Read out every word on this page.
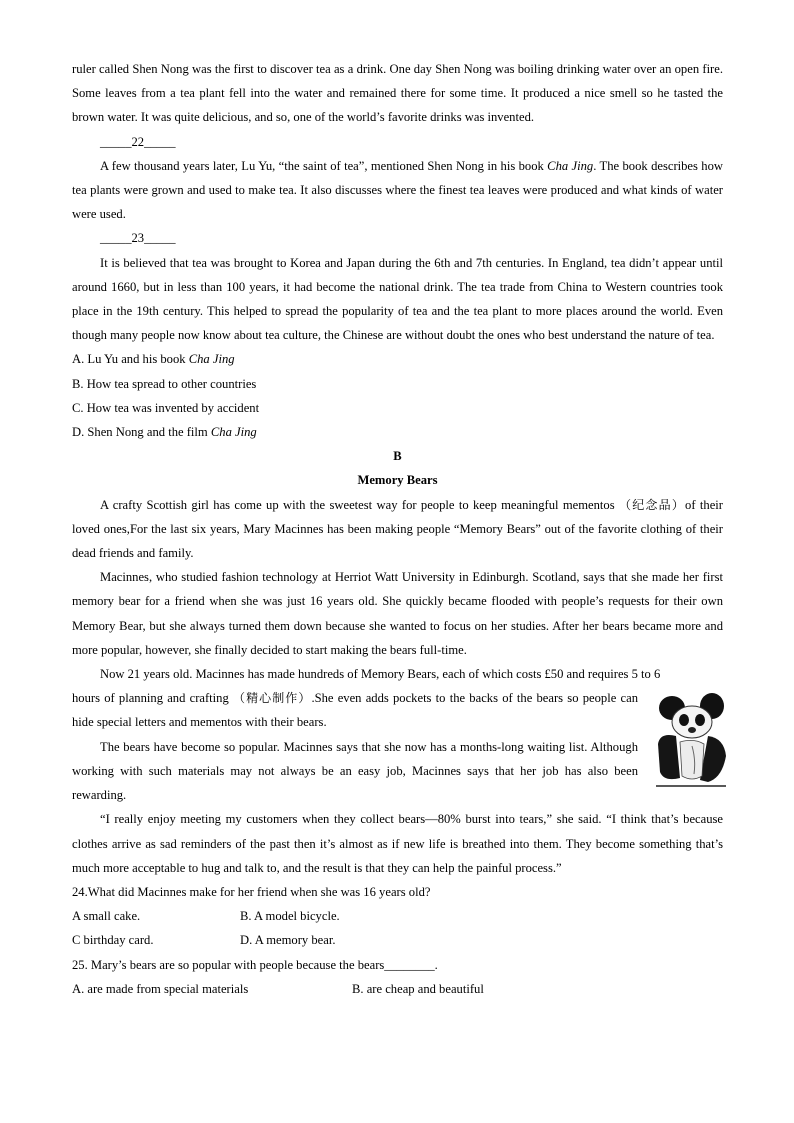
ruler called Shen Nong was the first to discover tea as a drink. One day Shen Nong was boiling drinking water over an open fire. Some leaves from a tea plant fell into the water and remained there for some time. It produced a nice smell so he tasted the brown water. It was quite delicious, and so, one of the world’s favorite drinks was invented.

_____22_____

A few thousand years later, Lu Yu, “the saint of tea”, mentioned Shen Nong in his book Cha Jing. The book describes how tea plants were grown and used to make tea. It also discusses where the finest tea leaves were produced and what kinds of water were used.

_____23_____

It is believed that tea was brought to Korea and Japan during the 6th and 7th centuries. In England, tea didn’t appear until around 1660, but in less than 100 years, it had become the national drink. The tea trade from China to Western countries took place in the 19th century. This helped to spread the popularity of tea and the tea plant to more places around the world. Even though many people now know about tea culture, the Chinese are without doubt the ones who best understand the nature of tea.

A. Lu Yu and his book Cha Jing

B. How tea spread to other countries

C. How tea was invented by accident

D. Shen Nong and the film Cha Jing

B

Memory Bears

A crafty Scottish girl has come up with the sweetest way for people to keep meaningful mementos （纪念品）of their loved ones,For the last six years, Mary Macinnes has been making people “Memory Bears” out of the favorite clothing of their dead friends and family.

Macinnes, who studied fashion technology at Herriot Watt University in Edinburgh. Scotland, says that she made her first memory bear for a friend when she was just 16 years old. She quickly became flooded with people’s requests for their own Memory Bear, but she always turned them down because she wanted to focus on her studies. After her bears became more and more popular, however, she finally decided to start making the bears full-time.

Now 21 years old. Macinnes has made hundreds of Memory Bears, each of which costs £50 and requires 5 to 6

hours of planning and crafting （精心制作）.She even adds pockets to the backs of the bears so people can hide special letters and mementos with their bears.

The bears have become so popular. Macinnes says that she now has a months-long waiting list. Although working with such materials may not always be an easy job, Macinnes says that her job has also been rewarding.

“I really enjoy meeting my customers when they collect bears—80% burst into tears,” she said. “I think that’s because clothes arrive as sad reminders of the past then it’s almost as if new life is breathed into them. They become something that’s much more acceptable to hug and talk to, and the result is that they can help the painful process.”

24.What did Macinnes make for her friend when she was 16 years old?

A small cake.	B. A model bicycle.
C birthday card.	D. A memory bear.

25. Mary’s bears are so popular with people because the bears________.

A. are made from special materials	B. are cheap and beautiful
